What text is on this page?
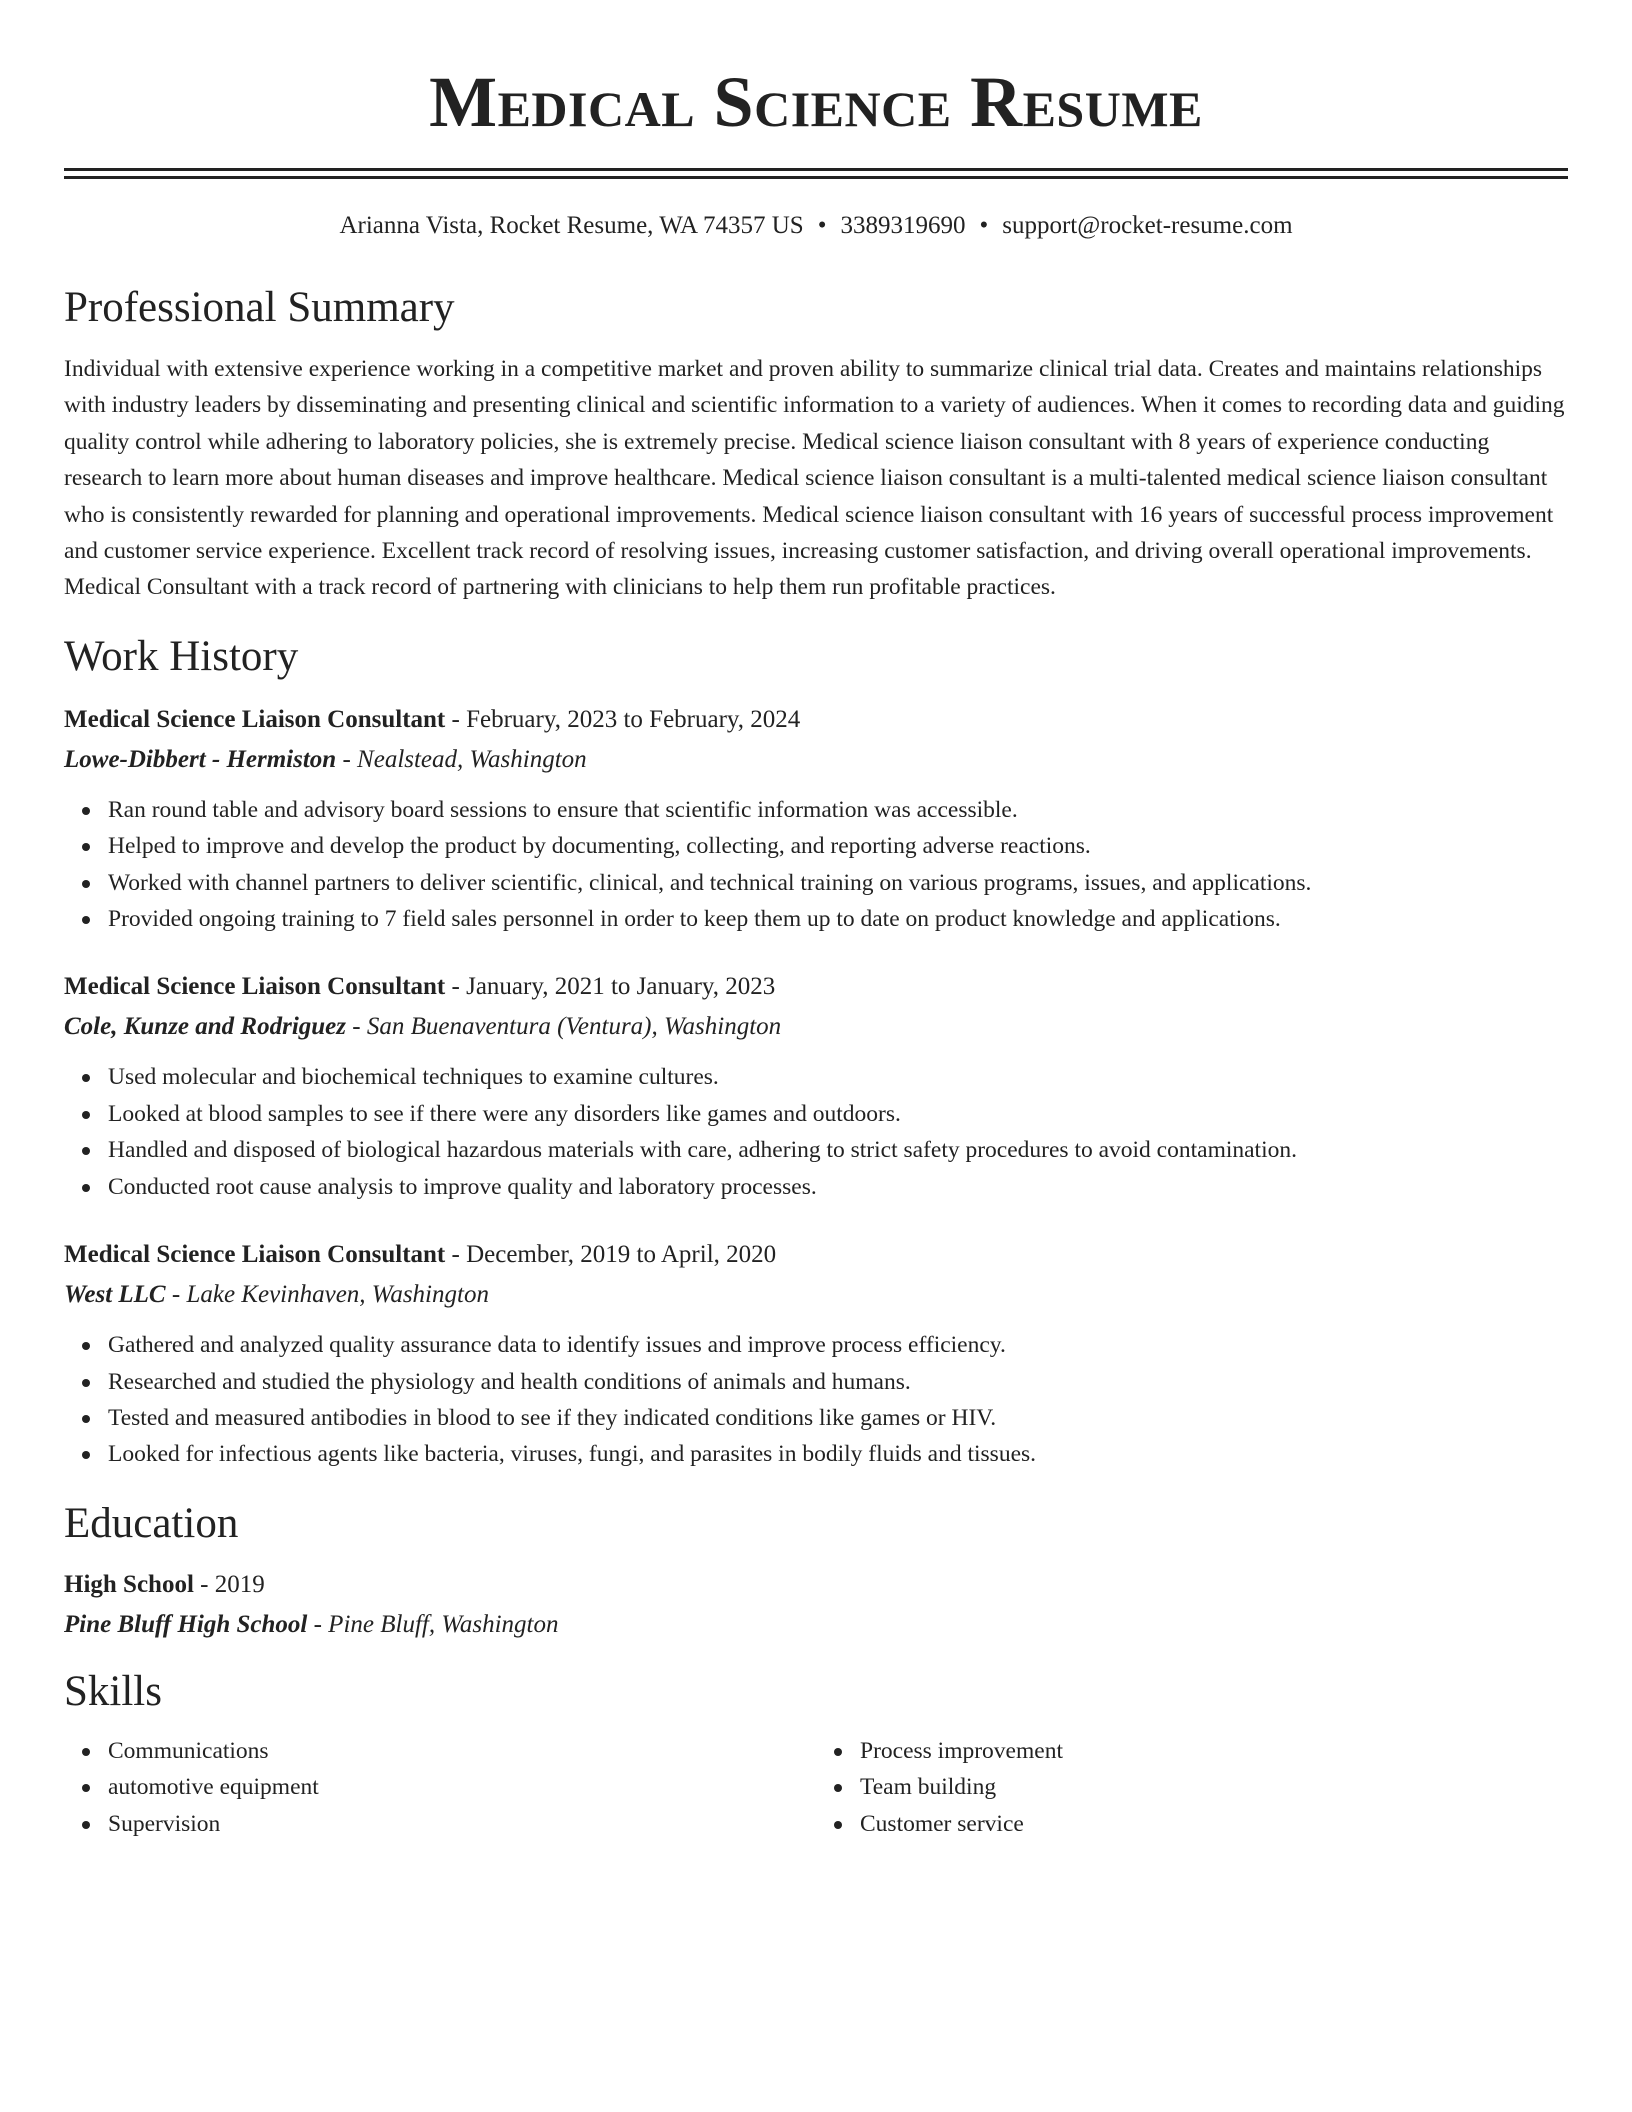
Medical Science Resume
Arianna Vista, Rocket Resume, WA 74357 US • 3389319690 • support@rocket-resume.com
Professional Summary

Individual with extensive experience working in a competitive market and proven ability to summarize clinical trial data. Creates and maintains relationships with industry leaders by disseminating and presenting clinical and scientific information to a variety of audiences. When it comes to recording data and guiding quality control while adhering to laboratory policies, she is extremely precise. Medical science liaison consultant with 8 years of experience conducting research to learn more about human diseases and improve healthcare. Medical science liaison consultant is a multi-talented medical science liaison consultant who is consistently rewarded for planning and operational improvements. Medical science liaison consultant with 16 years of successful process improvement and customer service experience. Excellent track record of resolving issues, increasing customer satisfaction, and driving overall operational improvements. Medical Consultant with a track record of partnering with clinicians to help them run profitable practices.

Work History
Medical Science Liaison Consultant - February, 2023 to February, 2024
Lowe-Dibbert - Hermiston - Nealstead, Washington
Ran round table and advisory board sessions to ensure that scientific information was accessible.
Helped to improve and develop the product by documenting, collecting, and reporting adverse reactions.
Worked with channel partners to deliver scientific, clinical, and technical training on various programs, issues, and applications.
Provided ongoing training to 7 field sales personnel in order to keep them up to date on product knowledge and applications.
Medical Science Liaison Consultant - January, 2021 to January, 2023
Cole, Kunze and Rodriguez - San Buenaventura (Ventura), Washington
Used molecular and biochemical techniques to examine cultures.
Looked at blood samples to see if there were any disorders like games and outdoors.
Handled and disposed of biological hazardous materials with care, adhering to strict safety procedures to avoid contamination.
Conducted root cause analysis to improve quality and laboratory processes.
Medical Science Liaison Consultant - December, 2019 to April, 2020
West LLC - Lake Kevinhaven, Washington
Gathered and analyzed quality assurance data to identify issues and improve process efficiency.
Researched and studied the physiology and health conditions of animals and humans.
Tested and measured antibodies in blood to see if they indicated conditions like games or HIV.
Looked for infectious agents like bacteria, viruses, fungi, and parasites in bodily fluids and tissues.
Education
High School - 2019
Pine Bluff High School - Pine Bluff, Washington
Skills
Communications
automotive equipment
Supervision
Process improvement
Team building
Customer service
